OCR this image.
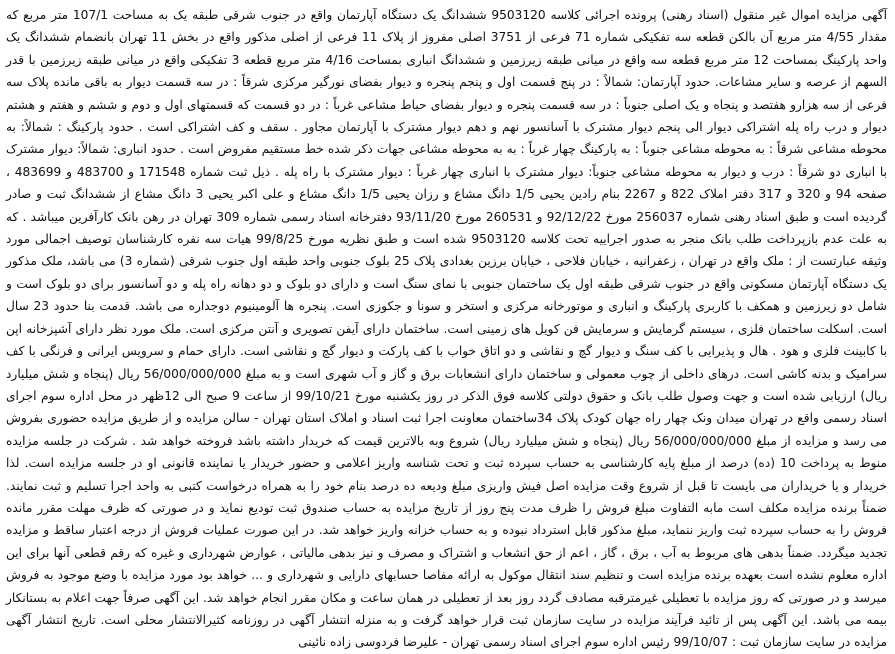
آگهی مزایده اموال غیر منقول (اسناد رهنی) پرونده اجرائی کلاسه 9503120 ششدانگ یک دستگاه آپارتمان واقع در جنوب شرقی طبقه یک به مساحت 107/1 متر مربع که مقدار 4/55 متر مربع آن بالکن قطعه سه تفکیکی شماره 71 فرعی از 3751 اصلی مفروز از پلاک 11 فرعی از اصلی مذکور واقع در بخش 11 تهران بانضمام ششدانگ یک واحد پارکینگ بمساحت 12 متر مربع قطعه سه واقع در میانی طبقه زیرزمین و ششدانگ انباری بمساحت 4/16 متر مربع قطعه 3 تفکیکی واقع در میانی طبقه زیرزمین با قدر السهم از عرصه و سایر مشاعات. حدود آپارتمان: شمالاً : در پنج قسمت اول و پنجم پنجره و دیوار بفضای نورگیر مرکزی شرقاً : در سه قسمت دیوار به باقی مانده پلاک سه فرعی از سه هزارو هفتصد و پنجاه و یک اصلی جنوباً : در سه قسمت پنجره و دیوار بفضای حیاط مشاعی غرباً : در دو قسمت که قسمتهای اول و دوم و ششم و هفتم و هشتم دیوار و درب راه پله اشتراکی دیوار الی پنجم دیوار مشترک با آسانسور نهم و دهم دیوار مشترک با آپارتمان مجاور . سقف و کف اشتراکی است . حدود پارکینگ : شمالاً: به محوطه مشاعی شرقاً : به محوطه مشاعی جنوباً : به پارکینگ چهار غرباً : به به محوطه مشاعی جهات ذکر شده خط مستقیم مفروض است . حدود انباری: شمالاً: دیوار مشترک با انباری دو شرقاً : درب و دیوار به محوطه مشاعی جنوباً: دیوار مشترک با انباری چهار غرباً : دیوار مشترک با راه پله . ذیل ثبت شماره 171548 و 483700 و 483699 ، صفحه 94 و 320 و 317 دفتر املاک 822 و 2267 بنام رادین یحیی 1/5 دانگ مشاع و رزان یحیی 1/5 دانگ مشاع و علی اکبر یحیی 3 دانگ مشاع از ششدانگ ثبت و صادر گردیده است و طبق اسناد رهنی شماره 256037 مورخ 92/12/22 و 260531 مورخ 93/11/20 دفترخانه اسناد رسمی شماره 309 تهران در رهن بانک کارآفرین میباشد . که به علت عدم بازپرداخت طلب بانک منجر به صدور اجراییه تحت کلاسه 9503120 شده است و طبق نظریه مورخ 99/8/25 هیات سه نفره کارشناسان توصیف اجمالی مورد وثیقه عبارتست از : ملک واقع در تهران ، زعفرانیه ، خیابان فلاحی ، خیابان برزین بغدادی پلاک 25 بلوک جنوبی واحد طبقه اول جنوب شرقی (شماره 3) می باشد، ملک مذکور یک دستگاه آپارتمان مسکونی واقع در جنوب شرقی طبقه اول یک ساختمان جنوبی با نمای سنگ است و دارای دو بلوک و دو دهانه راه پله و دو آسانسور برای دو بلوک است و شامل دو زیرزمین و همکف با کاربری پارکینگ و انباری و موتورخانه مرکزی و استخر و سونا و جکوزی است. پنجره ها آلومینیوم دوجداره می باشد. قدمت بنا حدود 23 سال است. اسکلت ساختمان فلزی ، سیستم گرمایش و سرمایش فن کویل های زمینی است. ساختمان دارای آیفن تصویری و آنتن مرکزی است. ملک مورد نظر دارای آشپزخانه اپن با کابینت فلزی و هود . هال و پذیرایی با کف سنگ و دیوار گچ و نقاشی و دو اتاق خواب با کف پارکت و دیوار گچ و نقاشی است. دارای حمام و سرویس ایرانی و فرنگی با کف سرامیک و بدنه کاشی است. درهای داخلی از چوب معمولی و ساختمان دارای انشعابات برق و گاز و آب شهری است و به مبلغ 56/000/000/000 ریال (پنجاه و شش میلیارد ریال) ارزیابی شده است و جهت وصول طلب بانک و حقوق دولتی کلاسه فوق الذکر در روز یکشنبه مورخ 99/10/21 از ساعت 9 صبح الی 12ظهر در محل اداره سوم اجرای اسناد رسمی واقع در تهران میدان ونک چهار راه جهان کودک پلاک 34ساختمان معاونت اجرا ثبت اسناد و املاک استان تهران - سالن مزایده و از طریق مزایده حضوری بفروش می رسد و مزایده از مبلغ 56/000/000/000 ریال (پنجاه و شش میلیارد ریال) شروع وبه بالاترین قیمت که خریدار داشته باشد فروخته خواهد شد . شرکت در جلسه مزایده منوط به پرداخت 10 (ده) درصد از مبلغ پایه کارشناسی به حساب سپرده ثبت و تحت شناسه واریز اعلامی و حضور خریدار یا نماینده قانونی او در جلسه مزایده است. لذا خریدار و یا خریداران می بایست تا قبل از شروع وقت مزایده اصل فیش واریزی مبلغ ودیعه ده درصد بنام خود را به همراه درخواست کتبی به واحد اجرا تسلیم و ثبت نمایند. ضمناً برنده مزایده مکلف است مابه التفاوت مبلغ فروش را ظرف مدت پنج روز از تاریخ مزایده به حساب صندوق ثبت تودیع نماید و در صورتی که ظرف مهلت مقرر مانده فروش را به حساب سپرده ثبت واریز ننماید، مبلغ مذکور قابل استرداد نبوده و به حساب خزانه واریز خواهد شد. در این صورت عملیات فروش از درجه اعتبار ساقط و مزایده تجدید میگردد. ضمناً بدهی های مربوط به آب ، برق ، گاز ، اعم از حق انشعاب و اشتراک و مصرف و نیز بدهی مالیاتی ، عوارض شهرداری و غیره که رقم قطعی آنها برای این اداره معلوم نشده است بعهده برنده مزایده است و تنظیم سند انتقال موکول به ارائه مفاصا حسابهای دارایی و شهرداری و ... خواهد بود مورد مزایده با وضع موجود به فروش میرسد و در صورتی که روز مزایده با تعطیلی غیرمترقبه مصادف گردد روز بعد از تعطیلی در همان ساعت و مکان مقرر انجام خواهد شد. این آگهی صرفاً جهت اعلام به بستانکار بیمه می باشد. این آگهی پس از تائید فرآیند مزایده در سایت سازمان ثبت قرار خواهد گرفت و به منزله انتشار آگهی در روزنامه کثیرالانتشار محلی است. تاریخ انتشار آگهی مزایده در سایت سازمان ثبت : 99/10/07 رئیس اداره سوم اجرای اسناد رسمی تهران - علیرضا فردوسی زاده نائینی
